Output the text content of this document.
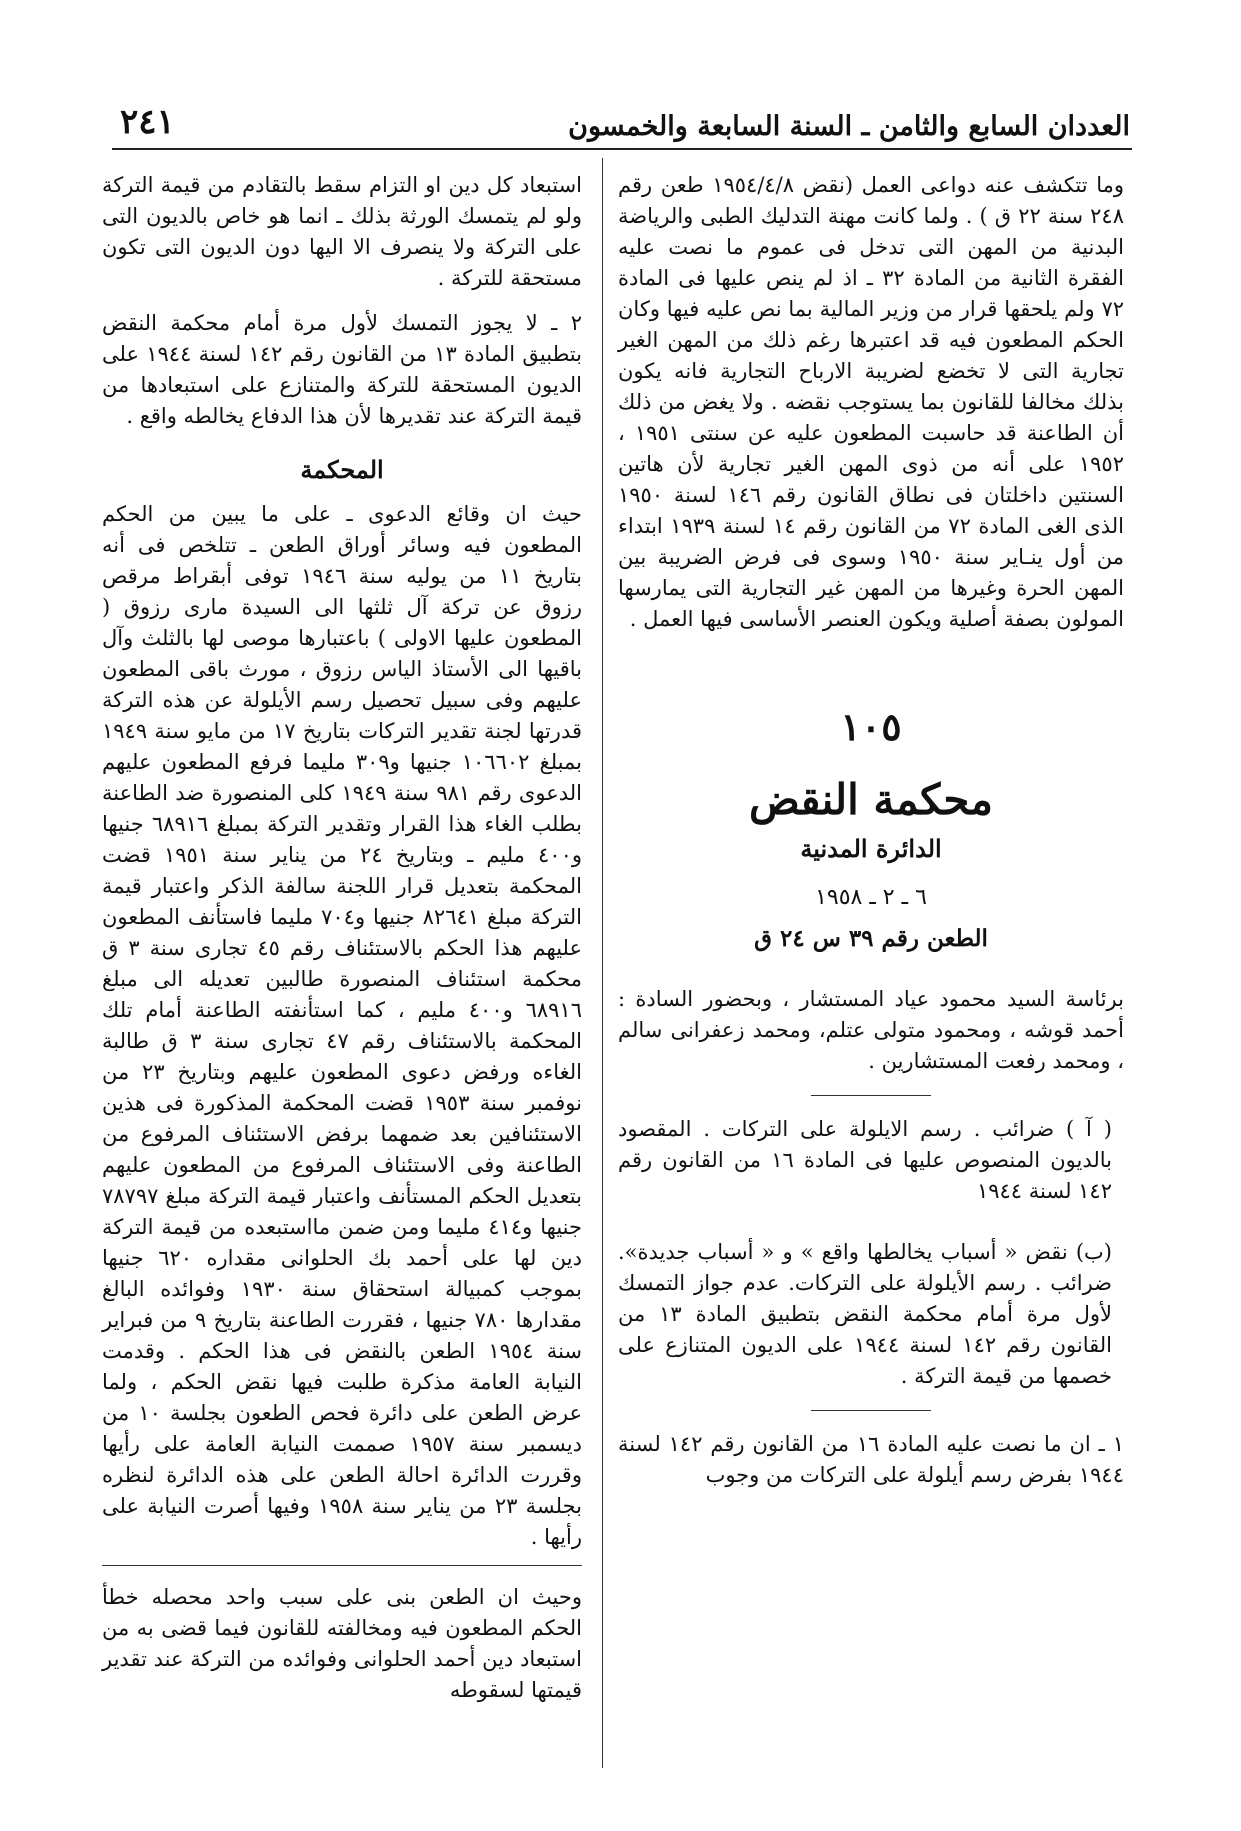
٢٤١	العددان السابع والثامن ـ السنة السابعة والخمسون

وما تتكشف عنه دواعى العمل (نقض ١٩٥٤/٤/٨ طعن رقم ٢٤٨ سنة ٢٢ ق ) . ولما كانت مهنة التدليك الطبى والرياضة البدنية من المهن التى تدخل فى عموم ما نصت عليه الفقرة الثانية من المادة ٣٢ ـ اذ لم ينص عليها فى المادة ٧٢ ولم يلحقها قرار من وزير المالية بما نص عليه فيها وكان الحكم المطعون فيه قد اعتبرها رغم ذلك من المهن الغير تجارية التى لا تخضع لضريبة الارباح التجارية فانه يكون بذلك مخالفا للقانون بما يستوجب نقضه . ولا يغض من ذلك أن الطاعنة قد حاسبت المطعون عليه عن سنتى ١٩٥١ ، ١٩٥٢ على أنه من ذوى المهن الغير تجارية لأن هاتين السنتين داخلتان فى نطاق القانون رقم ١٤٦ لسنة ١٩٥٠ الذى الغى المادة ٧٢ من القانون رقم ١٤ لسنة ١٩٣٩ ابتداء من أول ينـاير سنة ١٩٥٠ وسوى فى فرض الضريبة بين المهن الحرة وغيرها من المهن غير التجارية التى يمارسها المولون بصفة أصلية ويكون العنصر الأساسى فيها العمل .

١٠٥
محكمة النقض
الدائرة المدنية
٦ ـ ٢ ـ ١٩٥٨
الطعن رقم ٣٩ س ٢٤ ق

برئاسة السيد محمود عياد المستشار ، وبحضور السادة : أحمد قوشه ، ومحمود متولى عتلم، ومحمد زعفرانى سالم ، ومحمد رفعت المستشارين .

( آ ) ضرائب . رسم الايلولة على التركات . المقصود بالديون المنصوص عليها فى المادة ١٦ من القانون رقم ١٤٢ لسنة ١٩٤٤

(ب) نقض « أسباب يخالطها واقع » و « أسباب جديدة». ضرائب . رسم الأيلولة على التركات. عدم جواز التمسك لأول مرة أمام محكمة النقض بتطبيق المادة ١٣ من القانون رقم ١٤٢ لسنة ١٩٤٤ على الديون المتنازع على خصمها من قيمة التركة .

١ ـ ان ما نصت عليه المادة ١٦ من القانون رقم ١٤٢ لسنة ١٩٤٤ بفرض رسم أيلولة على التركات من وجوب

استبعاد كل دين او التزام سقط بالتقادم من قيمة التركة ولو لم يتمسك الورثة بذلك ـ انما هو خاص بالديون التى على التركة ولا ينصرف الا اليها دون الديون التى تكون مستحقة للتركة .

٢ ـ لا يجوز التمسك لأول مرة أمام محكمة النقض بتطبيق المادة ١٣ من القانون رقم ١٤٢ لسنة ١٩٤٤ على الديون المستحقة للتركة والمتنازع على استبعادها من قيمة التركة عند تقديرها لأن هذا الدفاع يخالطه واقع .

المحكمة

حيث ان وقائع الدعوى ـ على ما يبين من الحكم المطعون فيه وسائر أوراق الطعن ـ تتلخص فى أنه بتاريخ ١١ من يوليه سنة ١٩٤٦ توفى أبقراط مرقص رزوق عن تركة آل ثلثها الى السيدة مارى رزوق ( المطعون عليها الاولى ) باعتبارها موصى لها بالثلث وآل باقيها الى الأستاذ الياس رزوق ، مورث باقى المطعون عليهم وفى سبيل تحصيل رسم الأيلولة عن هذه التركة قدرتها لجنة تقدير التركات بتاريخ ١٧ من مايو سنة ١٩٤٩ بمبلغ ١٠٦٦٠٢ جنيها و٣٠٩ مليما فرفع المطعون عليهم الدعوى رقم ٩٨١ سنة ١٩٤٩ كلى المنصورة ضد الطاعنة بطلب الغاء هذا القرار وتقدير التركة بمبلغ ٦٨٩١٦ جنيها و٤٠٠ مليم ـ وبتاريخ ٢٤ من يناير سنة ١٩٥١ قضت المحكمة بتعديل قرار اللجنة سالفة الذكر واعتبار قيمة التركة مبلغ ٨٢٦٤١ جنيها و٧٠٤ مليما فاستأنف المطعون عليهم هذا الحكم بالاستئناف رقم ٤٥ تجارى سنة ٣ ق محكمة استئناف المنصورة طالبين تعديله الى مبلغ ٦٨٩١٦ و٤٠٠ مليم ، كما استأنفته الطاعنة أمام تلك المحكمة بالاستئناف رقم ٤٧ تجارى سنة ٣ ق طالبة الغاءه ورفض دعوى المطعون عليهم وبتاريخ ٢٣ من نوفمبر سنة ١٩٥٣ قضت المحكمة المذكورة فى هذين الاستئنافين بعد ضمهما برفض الاستئناف المرفوع من الطاعنة وفى الاستئناف المرفوع من المطعون عليهم بتعديل الحكم المستأنف واعتبار قيمة التركة مبلغ ٧٨٧٩٧ جنيها و٤١٤ مليما ومن ضمن مااستبعده من قيمة التركة دين لها على أحمد بك الحلوانى مقداره ٦٢٠ جنيها بموجب كمبيالة استحقاق سنة ١٩٣٠ وفوائده البالغ مقدارها ٧٨٠ جنيها ، فقررت الطاعنة بتاريخ ٩ من فبراير سنة ١٩٥٤ الطعن بالنقض فى هذا الحكم . وقدمت النيابة العامة مذكرة طلبت فيها نقض الحكم ، ولما عرض الطعن على دائرة فحص الطعون بجلسة ١٠ من ديسمبر سنة ١٩٥٧ صممت النيابة العامة على رأيها وقررت الدائرة احالة الطعن على هذه الدائرة لنظره بجلسة ٢٣ من يناير سنة ١٩٥٨ وفيها أصرت النيابة على رأيها .

وحيث ان الطعن بنى على سبب واحد محصله خطأ الحكم المطعون فيه ومخالفته للقانون فيما قضى به من استبعاد دين أحمد الحلوانى وفوائده من التركة عند تقدير قيمتها لسقوطه
